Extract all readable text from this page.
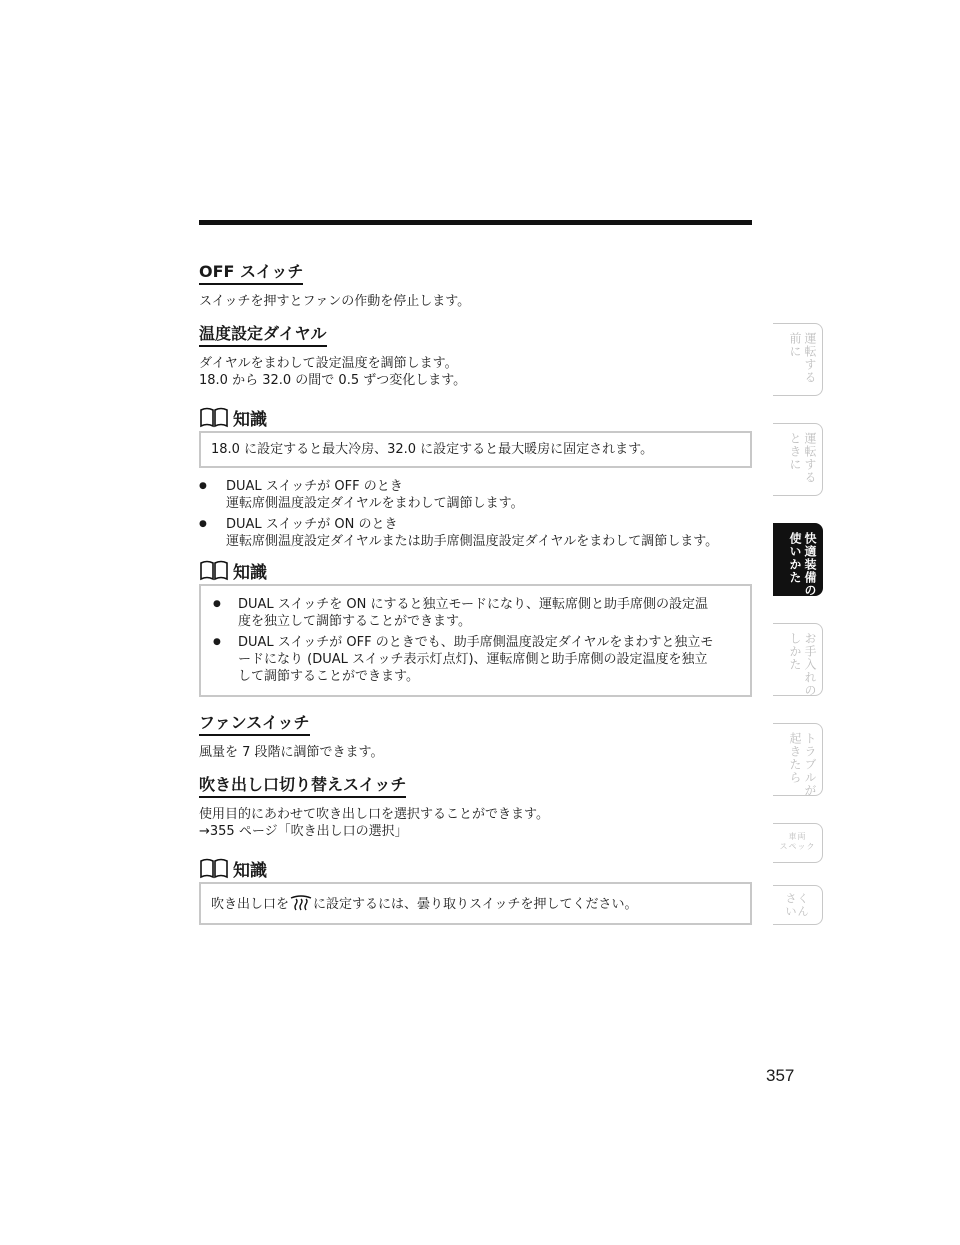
OFF スイッチ
スイッチを押すとファンの作動を停止します。
温度設定ダイヤル
ダイヤルをまわして設定温度を調節します。
18.0 から 32.0 の間で 0.5 ずつ変化します。
知識
18.0 に設定すると最大冷房、32.0 に設定すると最大暖房に固定されます。
● DUAL スイッチが OFF のとき
運転席側温度設定ダイヤルをまわして調節します。
● DUAL スイッチが ON のとき
運転席側温度設定ダイヤルまたは助手席側温度設定ダイヤルをまわして調節します。
知識
● DUAL スイッチを ON にすると独立モードになり、運転席側と助手席側の設定温
度を独立して調節することができます。
● DUAL スイッチが OFF のときでも、助手席側温度設定ダイヤルをまわすと独立モ
ードになり (DUAL スイッチ表示灯点灯)、運転席側と助手席側の設定温度を独立
して調節することができます。
ファンスイッチ
風量を 7 段階に調節できます。
吹き出し口切り替えスイッチ
使用目的にあわせて吹き出し口を選択することができます。
→355 ページ「吹き出し口の選択」
知識
吹き出し口を に設定するには、曇り取りスイッチを押してください。
運転する
前に
運転する
ときに
快適装備の
使いかた
お手入れの
しかた
トラブルが
起きたら
車両
スペック
さく
いん
357
